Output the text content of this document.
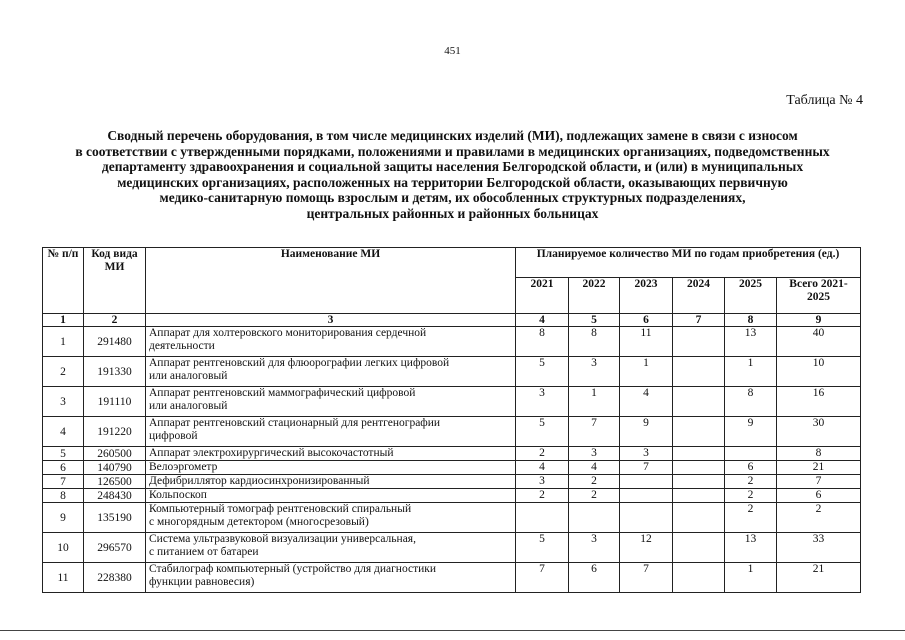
451
Таблица № 4
Сводный перечень оборудования, в том числе медицинских изделий (МИ), подлежащих замене в связи с износом
в соответствии с утвержденными порядками, положениями и правилами в медицинских организациях, подведомственных
департаменту здравоохранения и социальной защиты населения Белгородской области, и (или) в муниципальных
медицинских организациях, расположенных на территории Белгородской области, оказывающих первичную
медико-санитарную помощь взрослым и детям, их обособленных структурных подразделениях,
центральных районных и районных больницах
№ п/п	Код вида МИ	Наименование МИ	Планируемое количество МИ по годам приобретения (ед.)					
			2021	2022	2023	2024	2025	Всего 2021-2025
1	2	3	4	5	6	7	8	9
1	291480	Аппарат для холтеровского мониторирования сердечной
деятельности	8	8	11		13	40
2	191330	Аппарат рентгеновский для флюорографии легких цифровой
или аналоговый	5	3	1		1	10
3	191110	Аппарат рентгеновский маммографический цифровой
или аналоговый	3	1	4		8	16
4	191220	Аппарат рентгеновский стационарный для рентгенографии
цифровой	5	7	9		9	30
5	260500	Аппарат электрохирургический высокочастотный	2	3	3			8
6	140790	Велоэргометр	4	4	7		6	21
7	126500	Дефибриллятор кардиосинхронизированный	3	2			2	7
8	248430	Кольпоскоп	2	2			2	6
9	135190	Компьютерный томограф рентгеновский спиральный
с многорядным детектором (многосрезовый)					2	2
10	296570	Система ультразвуковой визуализации универсальная,
с питанием от батареи	5	3	12		13	33
11	228380	Стабилограф компьютерный (устройство для диагностики
функции равновесия)	7	6	7		1	21
